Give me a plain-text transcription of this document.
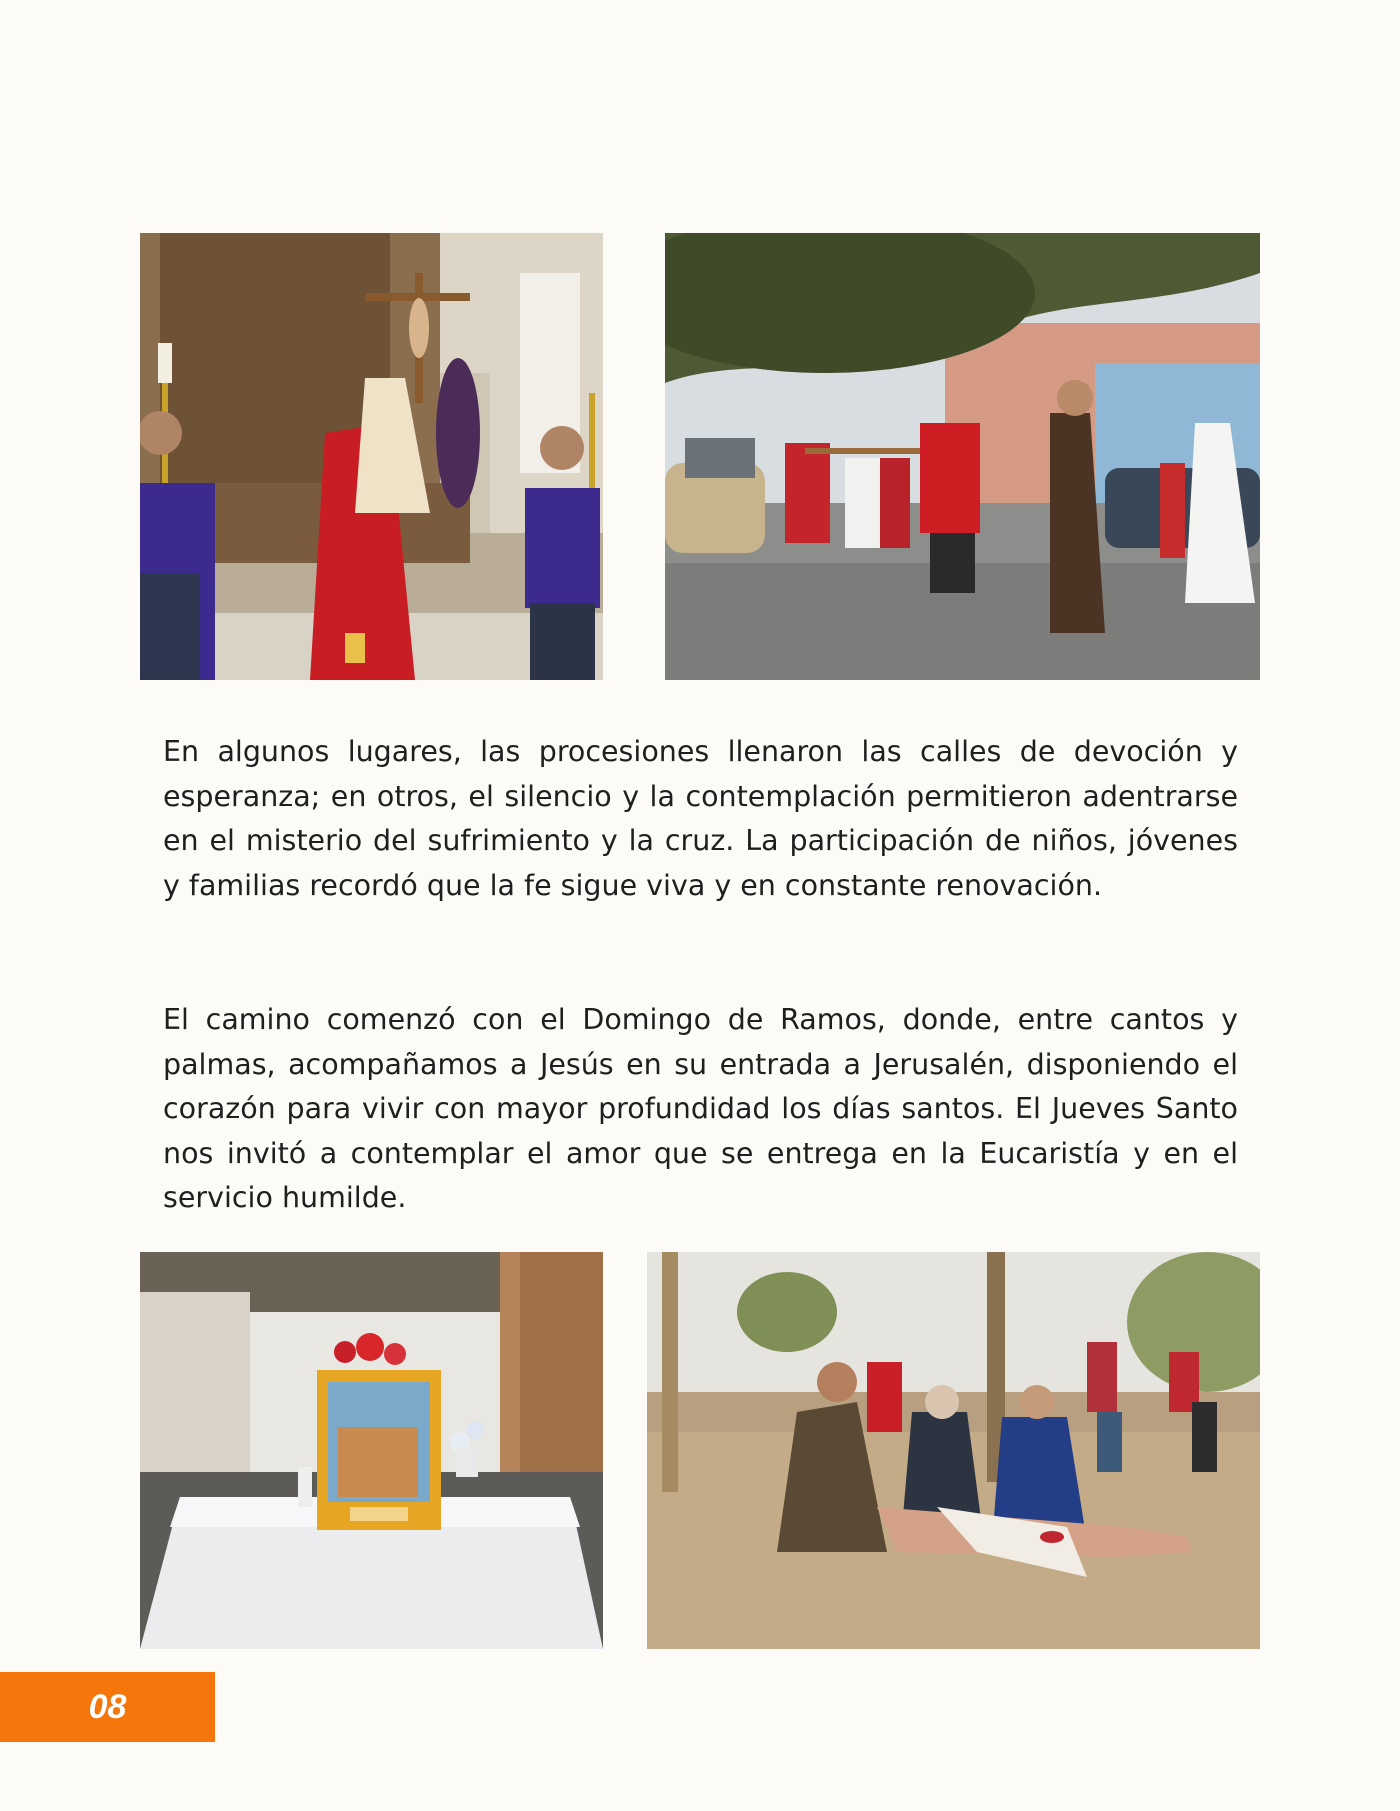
En algunos lugares, las procesiones llenaron las calles de devoción y esperanza; en otros, el silencio y la contemplación permitieron adentrarse en el misterio del sufrimiento y la cruz. La participación de niños, jóvenes y familias recordó que la fe sigue viva y en constante renovación.

El camino comenzó con el Domingo de Ramos, donde, entre cantos y palmas, acompañamos a Jesús en su entrada a Jerusalén, disponiendo el corazón para vivir con mayor profundidad los días santos. El Jueves Santo nos invitó a contemplar el amor que se entrega en la Eucaristía y en el servicio humilde.

08
